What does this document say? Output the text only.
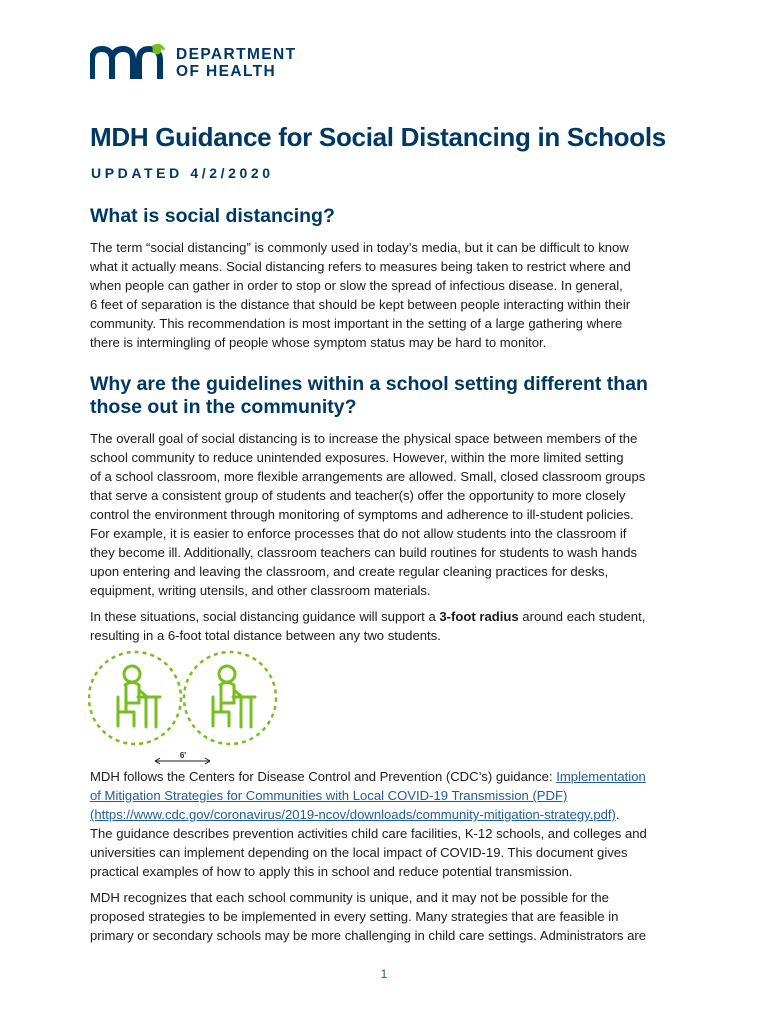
DEPARTMENT
OF HEALTH
MDH Guidance for Social Distancing in Schools
UPDATED 4/2/2020
What is social distancing?
The term “social distancing” is commonly used in today’s media, but it can be difficult to know
what it actually means. Social distancing refers to measures being taken to restrict where and
when people can gather in order to stop or slow the spread of infectious disease. In general,
6 feet of separation is the distance that should be kept between people interacting within their
community. This recommendation is most important in the setting of a large gathering where
there is intermingling of people whose symptom status may be hard to monitor.
Why are the guidelines within a school setting different than
those out in the community?
The overall goal of social distancing is to increase the physical space between members of the
school community to reduce unintended exposures. However, within the more limited setting
of a school classroom, more flexible arrangements are allowed. Small, closed classroom groups
that serve a consistent group of students and teacher(s) offer the opportunity to more closely
control the environment through monitoring of symptoms and adherence to ill-student policies.
For example, it is easier to enforce processes that do not allow students into the classroom if
they become ill. Additionally, classroom teachers can build routines for students to wash hands
upon entering and leaving the classroom, and create regular cleaning practices for desks,
equipment, writing utensils, and other classroom materials.
In these situations, social distancing guidance will support a 3-foot radius around each student,
resulting in a 6-foot total distance between any two students.
6'
MDH follows the Centers for Disease Control and Prevention (CDC’s) guidance: Implementation
of Mitigation Strategies for Communities with Local COVID-19 Transmission (PDF)
(https://www.cdc.gov/coronavirus/2019-ncov/downloads/community-mitigation-strategy.pdf).
The guidance describes prevention activities child care facilities, K-12 schools, and colleges and
universities can implement depending on the local impact of COVID-19. This document gives
practical examples of how to apply this in school and reduce potential transmission.
MDH recognizes that each school community is unique, and it may not be possible for the
proposed strategies to be implemented in every setting. Many strategies that are feasible in
primary or secondary schools may be more challenging in child care settings. Administrators are
1
